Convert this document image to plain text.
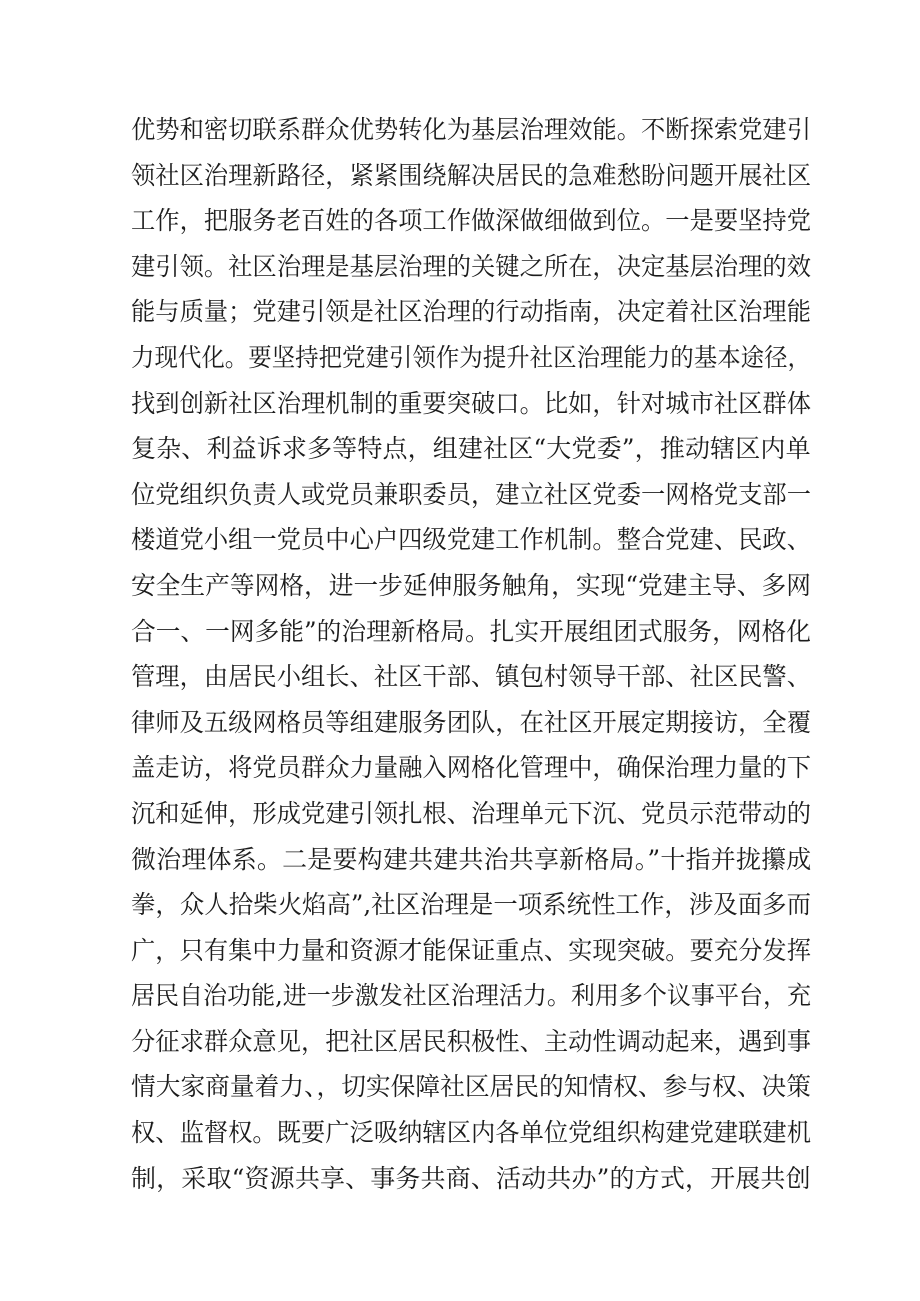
优势和密切联系群众优势转化为基层治理效能。不断探索党建引
领社区治理新路径，紧紧围绕解决居民的急难愁盼问题开展社区
工作，把服务老百姓的各项工作做深做细做到位。一是要坚持党
建引领。社区治理是基层治理的关键之所在，决定基层治理的效
能与质量；党建引领是社区治理的行动指南，决定着社区治理能
力现代化。要坚持把党建引领作为提升社区治理能力的基本途径，
找到创新社区治理机制的重要突破口。比如，针对城市社区群体
复杂、利益诉求多等特点，组建社区“大党委”，推动辖区内单
位党组织负责人或党员兼职委员，建立社区党委一网格党支部一
楼道党小组一党员中心户四级党建工作机制。整合党建、民政、
安全生产等网格，进一步延伸服务触角，实现“党建主导、多网
合一、一网多能”的治理新格局。扎实开展组团式服务，网格化
管理，由居民小组长、社区干部、镇包村领导干部、社区民警、
律师及五级网格员等组建服务团队，在社区开展定期接访，全覆
盖走访，将党员群众力量融入网格化管理中，确保治理力量的下
沉和延伸，形成党建引领扎根、治理单元下沉、党员示范带动的
微治理体系。二是要构建共建共治共享新格局。”十指并拢攥成
拳，众人拾柴火焰高”,社区治理是一项系统性工作，涉及面多而
广，只有集中力量和资源才能保证重点、实现突破。要充分发挥
居民自治功能,进一步激发社区治理活力。利用多个议事平台，充
分征求群众意见，把社区居民积极性、主动性调动起来，遇到事
情大家商量着力、，切实保障社区居民的知情权、参与权、决策
权、监督权。既要广泛吸纳辖区内各单位党组织构建党建联建机
制，采取“资源共享、事务共商、活动共办”的方式，开展共创
